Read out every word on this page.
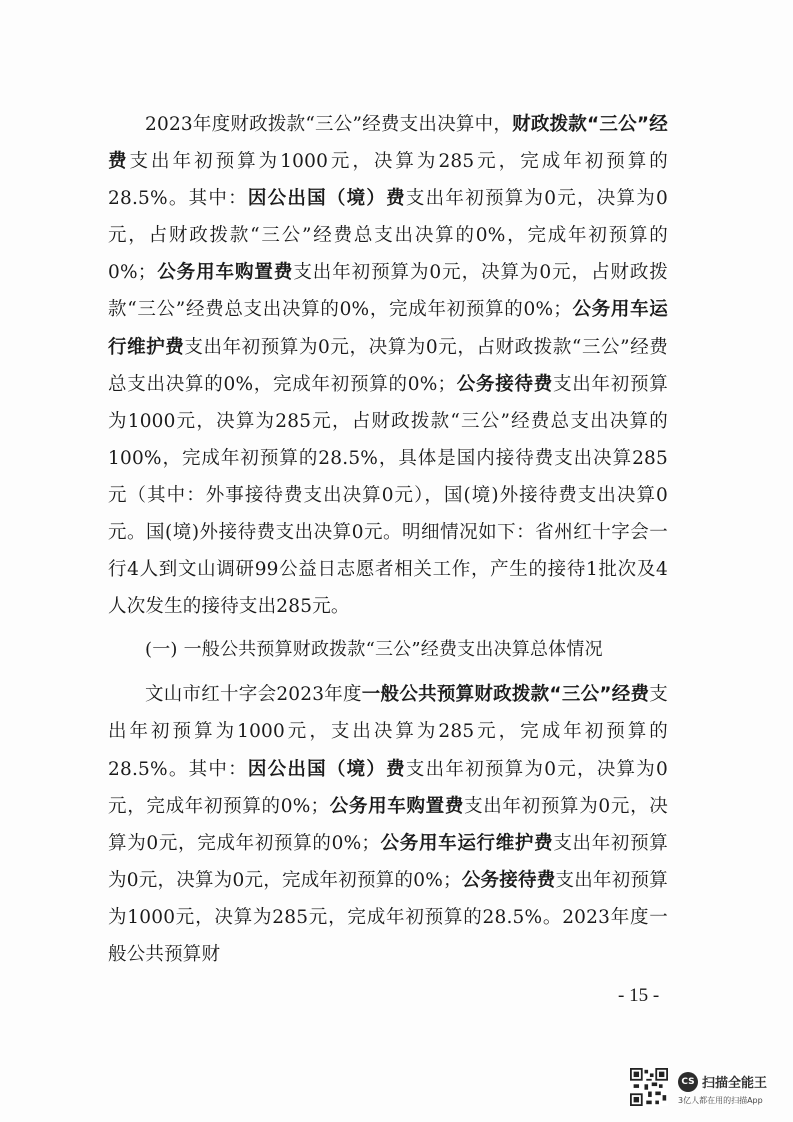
2023年度财政拨款“三公”经费支出决算中，财政拨款“三公”经费支出年初预算为1000元，决算为285元，完成年初预算的28.5%。其中：因公出国（境）费支出年初预算为0元，决算为0元，占财政拨款“三公”经费总支出决算的0%，完成年初预算的0%；公务用车购置费支出年初预算为0元，决算为0元，占财政拨款“三公”经费总支出决算的0%，完成年初预算的0%；公务用车运行维护费支出年初预算为0元，决算为0元，占财政拨款“三公”经费总支出决算的0%，完成年初预算的0%；公务接待费支出年初预算为1000元，决算为285元，占财政拨款“三公”经费总支出决算的100%，完成年初预算的28.5%，具体是国内接待费支出决算285元（其中：外事接待费支出决算0元），国(境)外接待费支出决算0元。国(境)外接待费支出决算0元。明细情况如下：省州红十字会一行4人到文山调研99公益日志愿者相关工作，产生的接待1批次及4人次发生的接待支出285元。

(一) 一般公共预算财政拨款“三公”经费支出决算总体情况

文山市红十字会2023年度一般公共预算财政拨款“三公”经费支出年初预算为1000元，支出决算为285元，完成年初预算的28.5%。其中：因公出国（境）费支出年初预算为0元，决算为0元，完成年初预算的0%；公务用车购置费支出年初预算为0元，决算为0元，完成年初预算的0%；公务用车运行维护费支出年初预算为0元，决算为0元，完成年初预算的0%；公务接待费支出年初预算为1000元，决算为285元，完成年初预算的28.5%。2023年度一般公共预算财

- 15 -
CS 扫描全能王
3亿人都在用的扫描App
